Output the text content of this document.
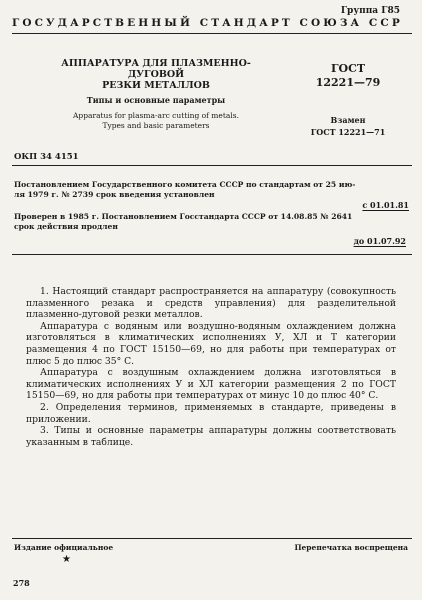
Группа Г85
ГОСУДАРСТВЕННЫЙ СТАНДАРТ СОЮЗА ССР
АППАРАТУРА ДЛЯ ПЛАЗМЕННО-ДУГОВОЙ
РЕЗКИ МЕТАЛЛОВ
ГОСТ
12221—79
Типы и основные параметры
Apparatus for plasma-arc cutting of metals.
Types and basic parameters
Взамен
ГОСТ 12221—71
ОКП 34 4151
Постановлением Государственного комитета СССР по стандартам от 25 ию-
ля 1979 г. № 2739 срок введения установлен
с 01.01.81
Проверен в 1985 г. Постановлением Госстандарта СССР от 14.08.85 № 2641
срок действия продлен
до 01.07.92

1. Настоящий стандарт распространяется на аппаратуру (совокупность плазменного резака и средств управления) для разделительной плазменно-дуговой резки металлов.

Аппаратура с водяным или воздушно-водяным охлаждением должна изготовляться в климатических исполнениях У, ХЛ и Т категории размещения 4 по ГОСТ 15150—69, но для работы при температурах от плюс 5 до плюс 35° С.

Аппаратура с воздушным охлаждением должна изготовляться в климатических исполнениях У и ХЛ категории размещения 2 по ГОСТ 15150—69, но для работы при температурах от минус 10 до плюс 40° С.

2. Определения терминов, применяемых в стандарте, приведены в приложении.

3. Типы и основные параметры аппаратуры должны соответствовать указанным в таблице.

Издание официальное	Перепечатка воспрещена
★
278
